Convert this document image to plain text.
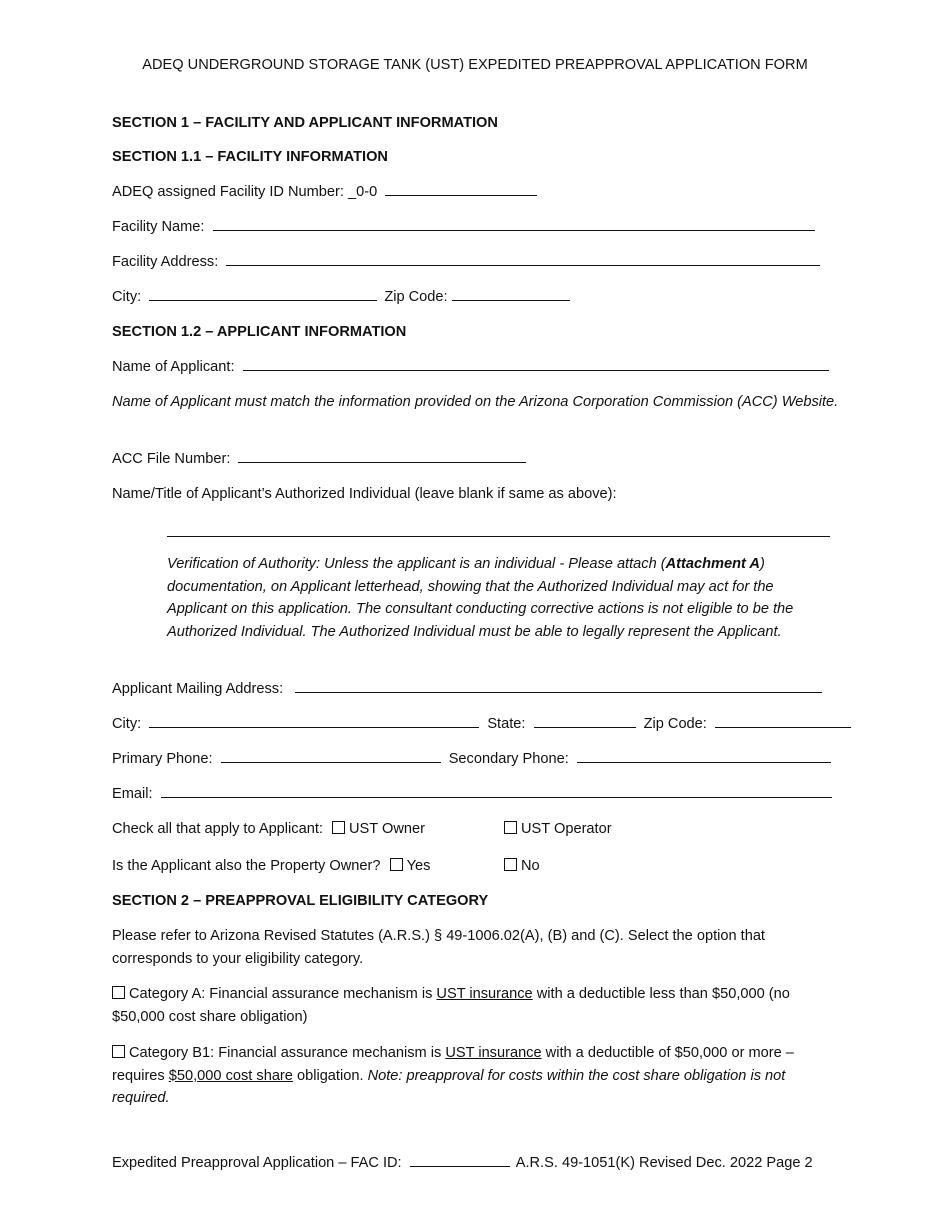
ADEQ UNDERGROUND STORAGE TANK (UST) EXPEDITED PREAPPROVAL APPLICATION FORM
SECTION 1 – FACILITY AND APPLICANT INFORMATION
SECTION 1.1 – FACILITY INFORMATION
ADEQ assigned Facility ID Number: _0-0
Facility Name:
Facility Address:
City:	Zip Code:
SECTION 1.2 – APPLICANT INFORMATION
Name of Applicant:
Name of Applicant must match the information provided on the Arizona Corporation Commission (ACC) Website.
ACC File Number:
Name/Title of Applicant’s Authorized Individual (leave blank if same as above):
Verification of Authority: Unless the applicant is an individual - Please attach (Attachment A) documentation, on Applicant letterhead, showing that the Authorized Individual may act for the Applicant on this application. The consultant conducting corrective actions is not eligible to be the Authorized Individual. The Authorized Individual must be able to legally represent the Applicant.
Applicant Mailing Address:
City:	State:	Zip Code:
Primary Phone:	Secondary Phone:
Email:
Check all that apply to Applicant: UST Owner	UST Operator
Is the Applicant also the Property Owner? Yes	No
SECTION 2 – PREAPPROVAL ELIGIBILITY CATEGORY
Please refer to Arizona Revised Statutes (A.R.S.) § 49-1006.02(A), (B) and (C). Select the option that corresponds to your eligibility category.
Category A: Financial assurance mechanism is UST insurance with a deductible less than $50,000 (no $50,000 cost share obligation)
Category B1: Financial assurance mechanism is UST insurance with a deductible of $50,000 or more – requires $50,000 cost share obligation. Note: preapproval for costs within the cost share obligation is not required.
Expedited Preapproval Application – FAC ID:	A.R.S. 49-1051(K) Revised Dec. 2022 Page 2
